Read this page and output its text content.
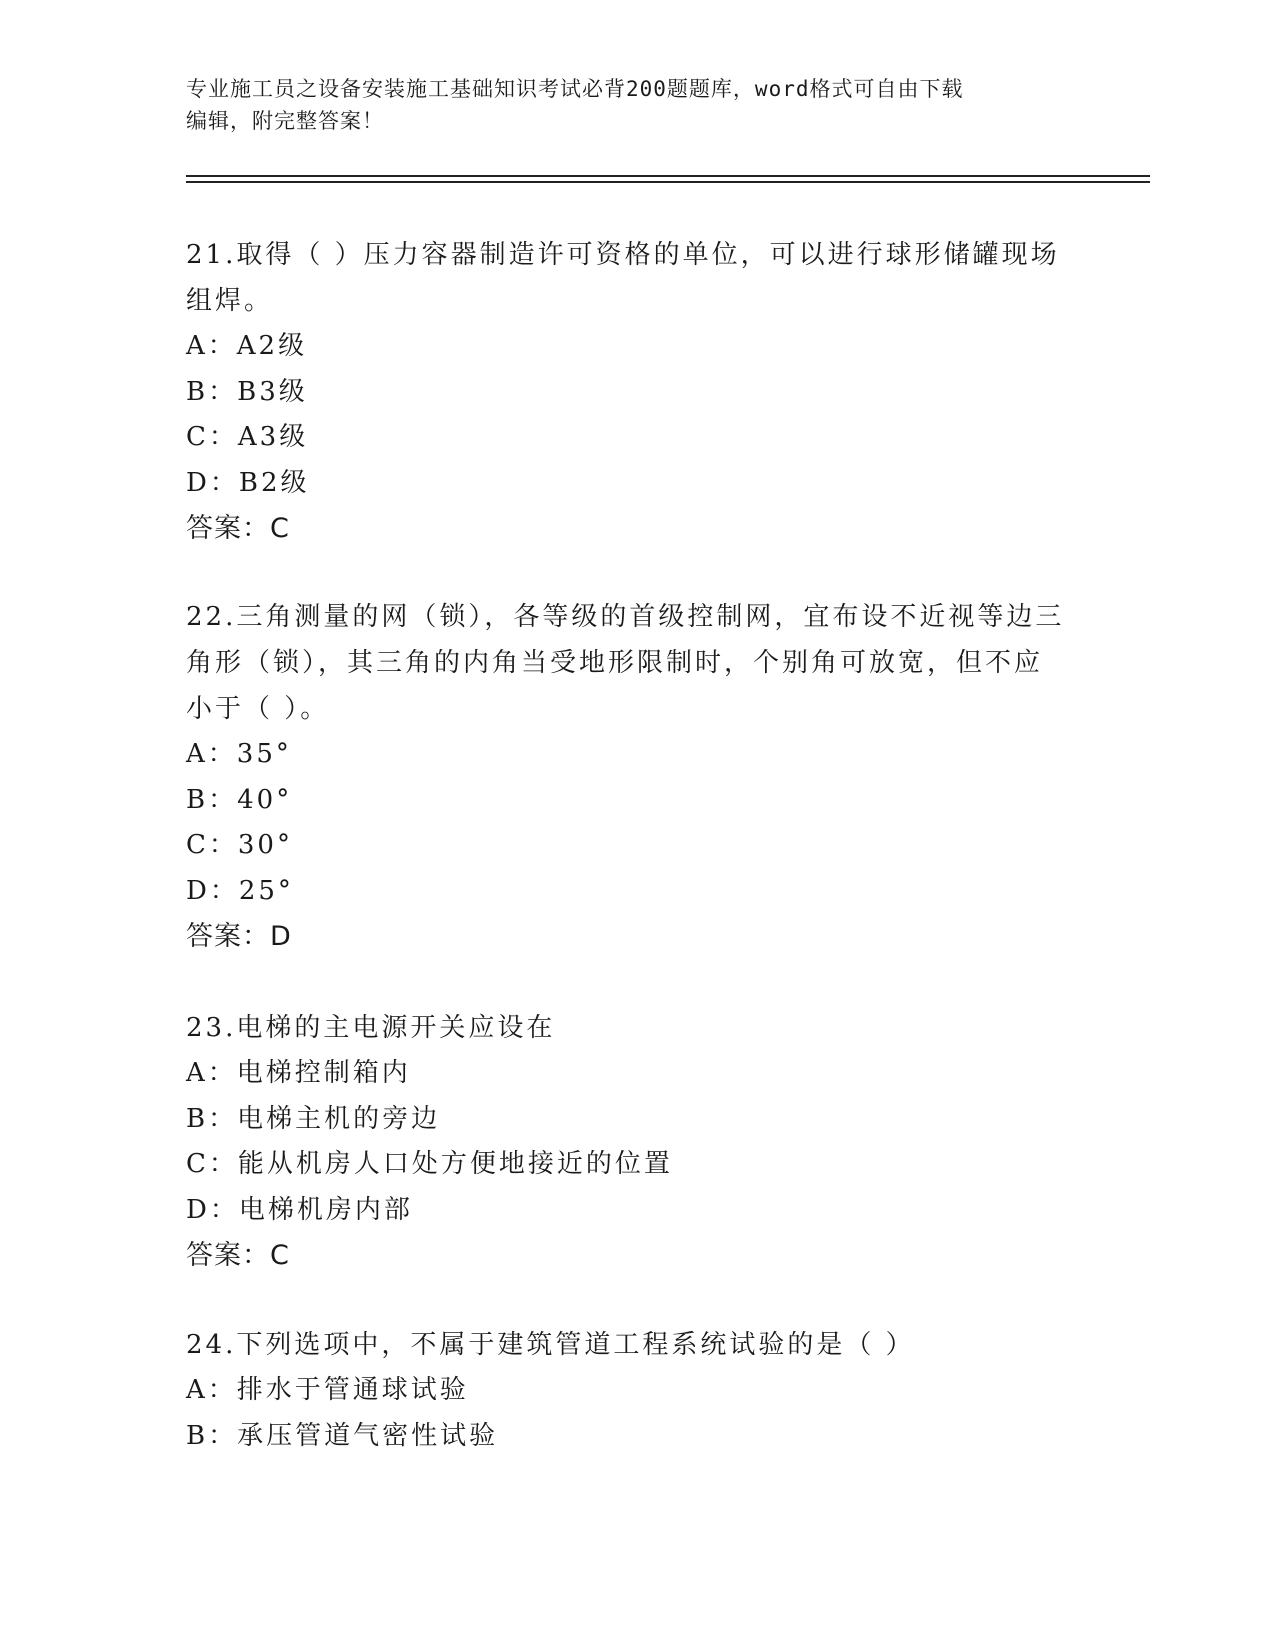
专业施工员之设备安装施工基础知识考试必背200题题库，word格式可自由下载
编辑，附完整答案！
21.取得（ ）压力容器制造许可资格的单位，可以进行球形储罐现场
组焊。
A：A2级
B：B3级
C：A3级
D：B2级
答案：C
22.三角测量的网（锁），各等级的首级控制网，宜布设不近视等边三
角形（锁），其三角的内角当受地形限制时，个别角可放宽，但不应
小于（ ）。
A：35°
B：40°
C：30°
D：25°
答案：D
23.电梯的主电源开关应设在
A：电梯控制箱内
B：电梯主机的旁边
C：能从机房人口处方便地接近的位置
D：电梯机房内部
答案：C
24.下列选项中，不属于建筑管道工程系统试验的是（ ）
A：排水于管通球试验
B：承压管道气密性试验
